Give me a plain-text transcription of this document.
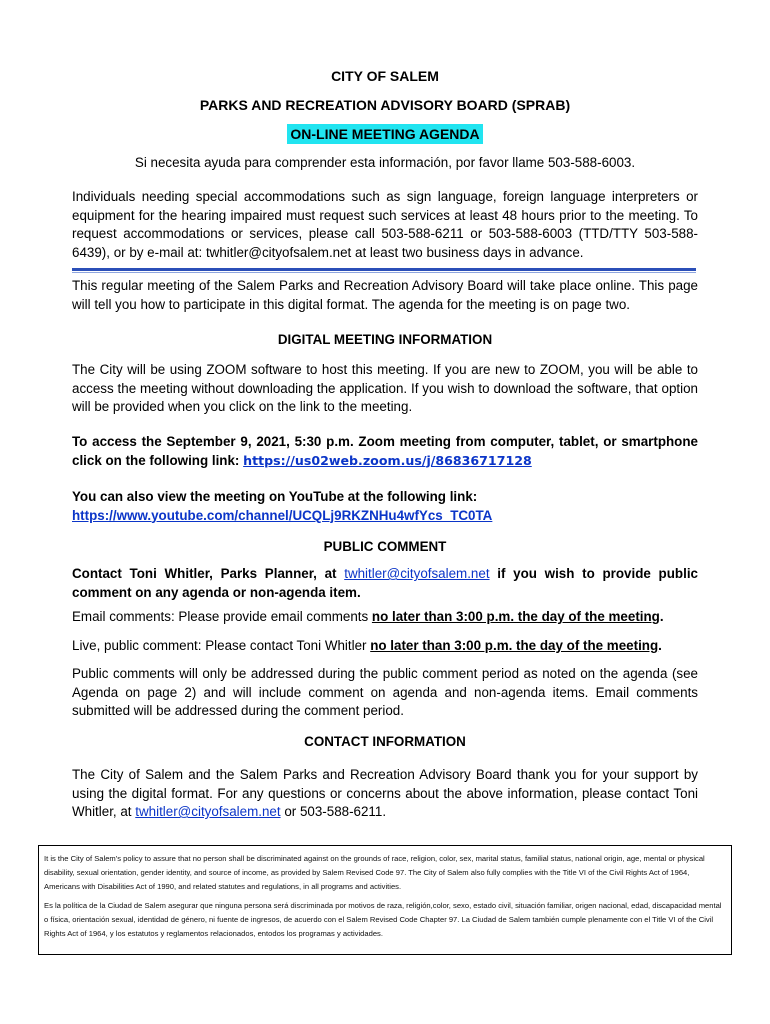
CITY OF SALEM
PARKS AND RECREATION ADVISORY BOARD (SPRAB)
ON-LINE MEETING AGENDA
Si necesita ayuda para comprender esta información, por favor llame 503-588-6003.
Individuals needing special accommodations such as sign language, foreign language interpreters or equipment for the hearing impaired must request such services at least 48 hours prior to the meeting. To request accommodations or services, please call 503-588-6211 or 503-588-6003 (TTD/TTY 503-588-6439), or by e-mail at: twhitler@cityofsalem.net at least two business days in advance.
This regular meeting of the Salem Parks and Recreation Advisory Board will take place online. This page will tell you how to participate in this digital format. The agenda for the meeting is on page two.
DIGITAL MEETING INFORMATION
The City will be using ZOOM software to host this meeting. If you are new to ZOOM, you will be able to access the meeting without downloading the application. If you wish to download the software, that option will be provided when you click on the link to the meeting.
To access the September 9, 2021, 5:30 p.m. Zoom meeting from computer, tablet, or smartphone click on the following link: https://us02web.zoom.us/j/86836717128
You can also view the meeting on YouTube at the following link:
https://www.youtube.com/channel/UCQLj9RKZNHu4wfYcs_TC0TA
PUBLIC COMMENT
Contact Toni Whitler, Parks Planner, at twhitler@cityofsalem.net if you wish to provide public comment on any agenda or non-agenda item.
Email comments: Please provide email comments no later than 3:00 p.m. the day of the meeting.
Live, public comment: Please contact Toni Whitler no later than 3:00 p.m. the day of the meeting.
Public comments will only be addressed during the public comment period as noted on the agenda (see Agenda on page 2) and will include comment on agenda and non-agenda items. Email comments submitted will be addressed during the comment period.
CONTACT INFORMATION
The City of Salem and the Salem Parks and Recreation Advisory Board thank you for your support by using the digital format. For any questions or concerns about the above information, please contact Toni Whitler, at twhitler@cityofsalem.net or 503-588-6211.

It is the City of Salem's policy to assure that no person shall be discriminated against on the grounds of race, religion, color, sex, marital status, familial status, national origin, age, mental or physical disability, sexual orientation, gender identity, and source of income, as provided by Salem Revised Code 97. The City of Salem also fully complies with the Title VI of the Civil Rights Act of 1964, Americans with Disabilities Act of 1990, and related statutes and regulations, in all programs and activities.

Es la política de la Ciudad de Salem asegurar que ninguna persona será discriminada por motivos de raza, religión,color, sexo, estado civil, situación familiar, origen nacional, edad, discapacidad mental o física, orientación sexual, identidad de género, ni fuente de ingresos, de acuerdo con el Salem Revised Code Chapter 97. La Ciudad de Salem también cumple plenamente con el Title VI of the Civil Rights Act of 1964, y los estatutos y reglamentos relacionados, entodos los programas y actividades.
